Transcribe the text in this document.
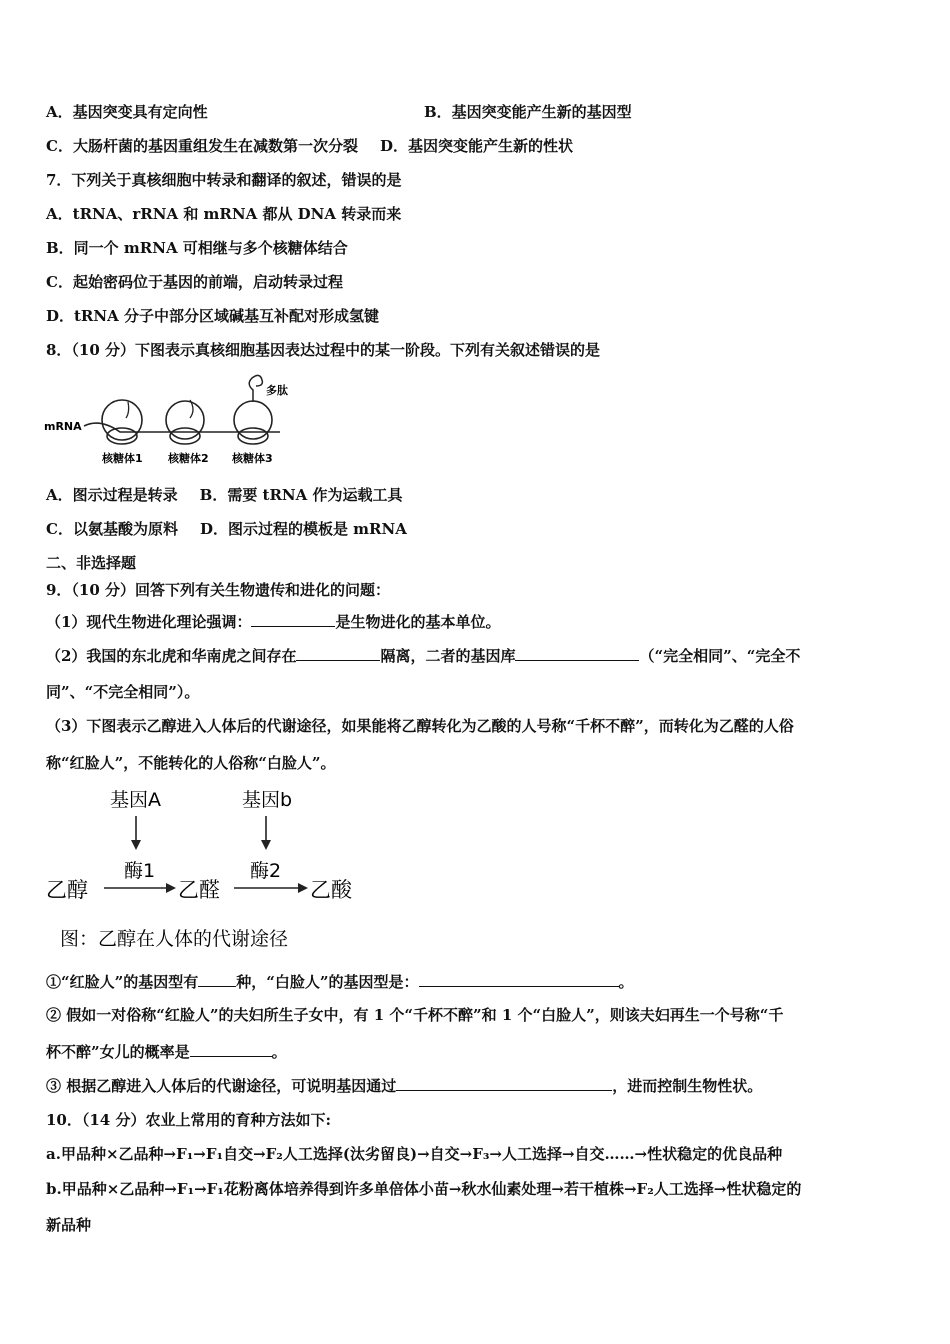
A．基因突变具有定向性	B．基因突变能产生新的基因型
C．大肠杆菌的基因重组发生在减数第一次分裂 D．基因突变能产生新的性状
7．下列关于真核细胞中转录和翻译的叙述，错误的是
A．tRNA、rRNA 和 mRNA 都从 DNA 转录而来
B．同一个 mRNA 可相继与多个核糖体结合
C．起始密码位于基因的前端，启动转录过程
D．tRNA 分子中部分区域碱基互补配对形成氢键
8．（10 分）下图表示真核细胞基因表达过程中的某一阶段。下列有关叙述错误的是
mRNA
多肽
核糖体1 核糖体2 核糖体3
A．图示过程是转录 B．需要 tRNA 作为运载工具
C．以氨基酸为原料 D．图示过程的模板是 mRNA
二、非选择题
9．（10 分）回答下列有关生物遗传和进化的问题：
（1）现代生物进化理论强调：	是生物进化的基本单位。
（2）我国的东北虎和华南虎之间存在	隔离，二者的基因库	（“完全相同”、“完全不
同”、“不完全相同”）。
（3）下图表示乙醇进入人体后的代谢途径，如果能将乙醇转化为乙酸的人号称“千杯不醉”，而转化为乙醛的人俗
称“红脸人”，不能转化的人俗称“白脸人”。
基因A	基因b
酶1	酶2
乙醇	乙醛	乙酸
图：乙醇在人体的代谢途径
①“红脸人”的基因型有	种，“白脸人”的基因型是：	。
② 假如一对俗称“红脸人”的夫妇所生子女中，有 1 个“千杯不醉”和 1 个“白脸人”，则该夫妇再生一个号称“千
杯不醉”女儿的概率是	。
③ 根据乙醇进入人体后的代谢途径，可说明基因通过	，进而控制生物性状。
10．（14 分）农业上常用的育种方法如下:
a.甲品种×乙品种→F₁→F₁自交→F₂人工选择(汰劣留良)→自交→F₃→人工选择→自交……→性状稳定的优良品种
b.甲品种×乙品种→F₁→F₁花粉离体培养得到许多单倍体小苗→秋水仙素处理→若干植株→F₂人工选择→性状稳定的
新品种
